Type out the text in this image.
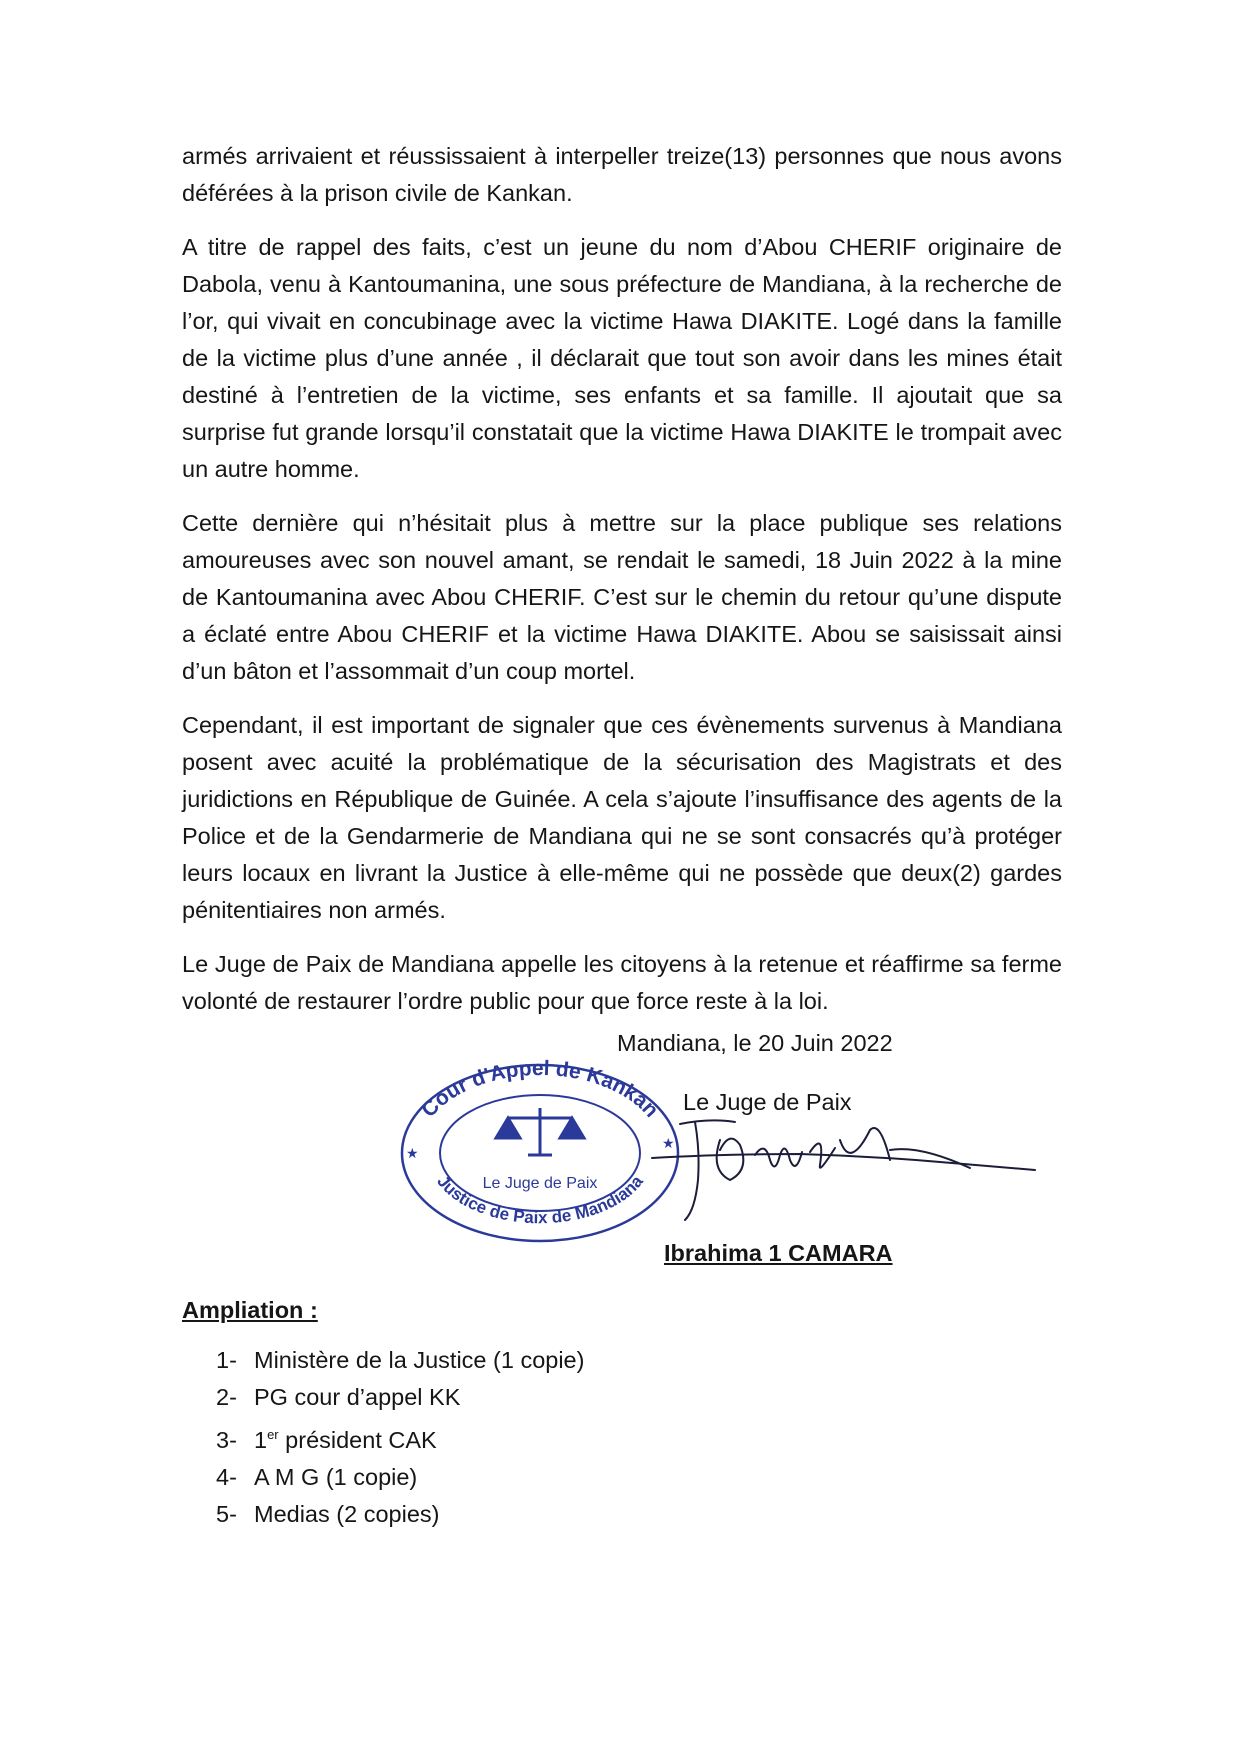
armés arrivaient et réussissaient à interpeller treize(13) personnes que nous avons déférées à la prison civile de Kankan.

A titre de rappel des faits, c’est un jeune du nom d’Abou CHERIF originaire de Dabola, venu à Kantoumanina, une sous préfecture de Mandiana, à la recherche de l’or, qui vivait en concubinage avec la victime Hawa DIAKITE. Logé dans la famille de la victime plus d’une année , il déclarait que tout son avoir dans les mines était destiné à l’entretien de la victime, ses enfants et sa famille. Il ajoutait que sa surprise fut grande lorsqu’il constatait que la victime Hawa DIAKITE le trompait avec un autre homme.

Cette dernière qui n’hésitait plus à mettre sur la place publique ses relations amoureuses avec son nouvel amant, se rendait le samedi, 18 Juin 2022 à la mine de Kantoumanina avec Abou CHERIF. C’est sur le chemin du retour qu’une dispute a éclaté entre Abou CHERIF et la victime Hawa DIAKITE. Abou se saisissait ainsi d’un bâton et l’assommait d’un coup mortel.

Cependant, il est important de signaler que ces évènements survenus à Mandiana posent avec acuité la problématique de la sécurisation des Magistrats et des juridictions en République de Guinée. A cela s’ajoute l’insuffisance des agents de la Police et de la Gendarmerie de Mandiana qui ne se sont consacrés qu’à protéger leurs locaux en livrant la Justice à elle-même qui ne possède que deux(2) gardes pénitentiaires non armés.

Le Juge de Paix de Mandiana appelle les citoyens à la retenue et réaffirme sa ferme volonté de restaurer l’ordre public pour que force reste à la loi.

Mandiana, le 20 Juin 2022
Le Juge de Paix
Cour d'Appel de Kankan
Justice de Paix de Mandiana
Le Juge de Paix
★
★
Ibrahima 1 CAMARA
Ampliation :
1- Ministère de la Justice (1 copie)
2- PG cour d’appel KK
3- 1er président CAK
4- A M G (1 copie)
5- Medias (2 copies)
